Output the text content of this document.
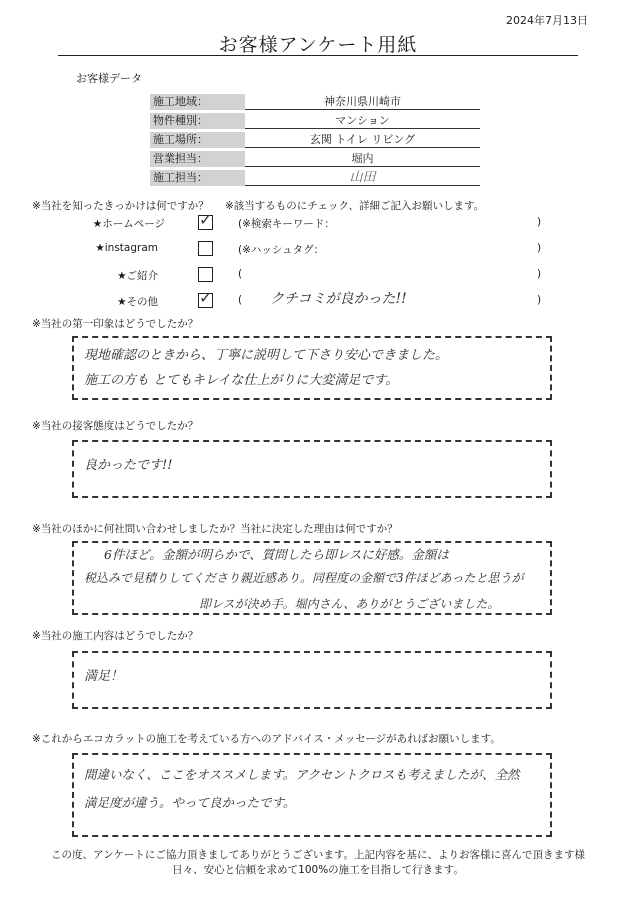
2024年7月13日
お客様アンケート用紙
お客様データ
施工地域：	神奈川県川崎市
物件種別：	マンション
施工場所：	玄関 トイレ リビング
営業担当：	堀内
施工担当：	山田
※当社を知ったきっかけは何ですか？ ※該当するものにチェック、詳細ご記入お願いします。
★ホームページ ✓ (※検索キーワード：	)
★instagram	(※ハッシュタグ：	)
★ご紹介	(	)
★その他	✓ ( クチコミが良かった!!	)
※当社の第一印象はどうでしたか？
現地確認のときから、丁寧に説明して下さり安心できました。
施工の方も とてもキレイな仕上がりに大変満足です。
※当社の接客態度はどうでしたか？
良かったです!!
※当社のほかに何社問い合わせしましたか？当社に決定した理由は何ですか？
6件ほど。金額が明らかで、質問したら即レスに好感。金額は
税込みで見積りしてくださり親近感あり。同程度の金額で3件ほどあったと思うが
即レスが決め手。堀内さん、ありがとうございました。
※当社の施工内容はどうでしたか？
満足！
※これからエコカラットの施工を考えている方へのアドバイス・メッセージがあればお願いします。
間違いなく、ここをオススメします。アクセントクロスも考えましたが、全然
満足度が違う。やって良かったです。
この度、アンケートにご協力頂きましてありがとうございます。上記内容を基に、よりお客様に喜んで頂きます様
日々、安心と信頼を求めて100%の施工を目指して行きます。
